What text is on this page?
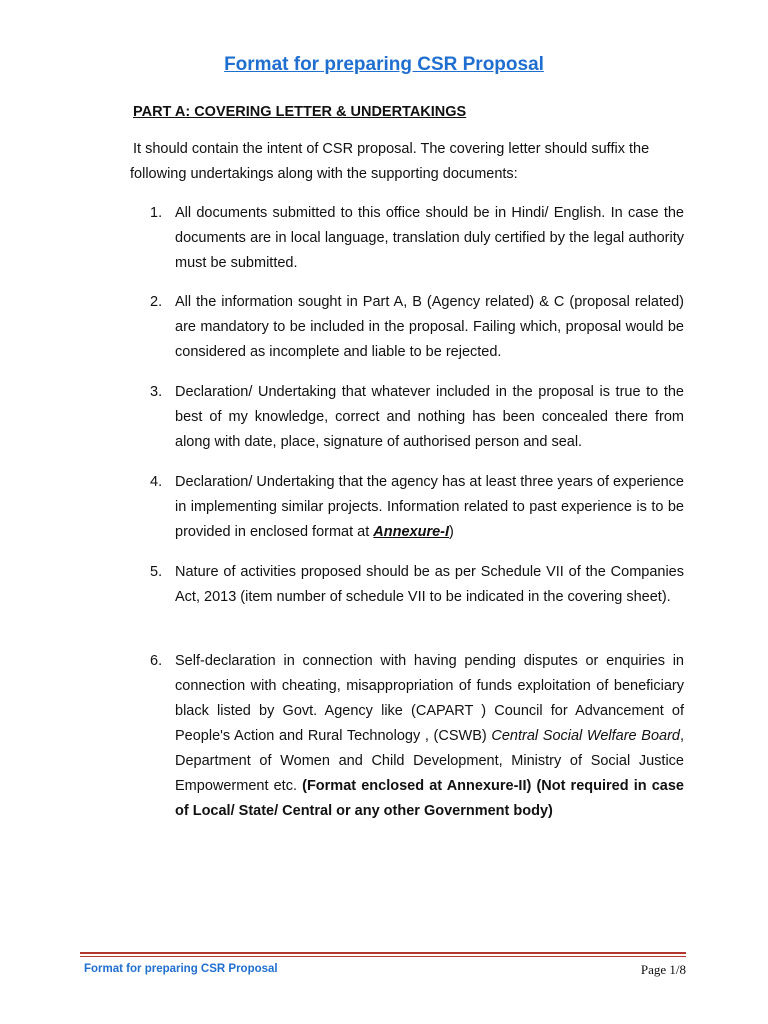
Format for preparing CSR Proposal
PART A: COVERING LETTER & UNDERTAKINGS
It should contain the intent of CSR proposal. The covering letter should suffix the
following undertakings along with the supporting documents:
1. All documents submitted to this office should be in Hindi/ English. In case the documents are in local language, translation duly certified by the legal authority must be submitted.
2. All the information sought in Part A, B (Agency related) & C (proposal related) are mandatory to be included in the proposal. Failing which, proposal would be considered as incomplete and liable to be rejected.
3. Declaration/ Undertaking that whatever included in the proposal is true to the best of my knowledge, correct and nothing has been concealed there from along with date, place, signature of authorised person and seal.
4. Declaration/ Undertaking that the agency has at least three years of experience in implementing similar projects. Information related to past experience is to be provided in enclosed format at Annexure-I)
5. Nature of activities proposed should be as per Schedule VII of the Companies Act, 2013 (item number of schedule VII to be indicated in the covering sheet).
6. Self-declaration in connection with having pending disputes or enquiries in connection with cheating, misappropriation of funds exploitation of beneficiary black listed by Govt. Agency like (CAPART ) Council for Advancement of People's Action and Rural Technology , (CSWB) Central Social Welfare Board, Department of Women and Child Development, Ministry of Social Justice Empowerment etc. (Format enclosed at Annexure-II) (Not required in case of Local/ State/ Central or any other Government body)
Format for preparing CSR Proposal	Page 1/8
